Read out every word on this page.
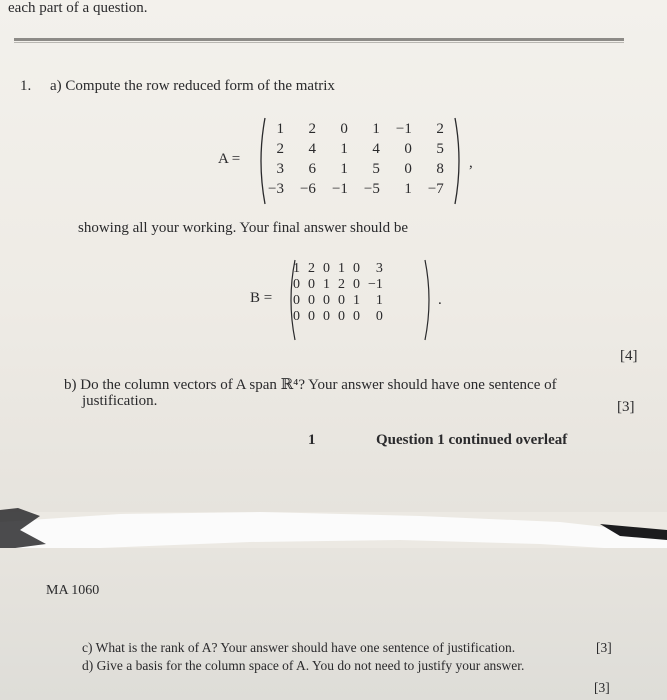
each part of a question.
1. a) Compute the row reduced form of the matrix
A =
1	2	0	1	−1	2
2	4	1	4	0	5
3	6	1	5	0	8
−3	−6	−1	−5	1	−7
,
showing all your working. Your final answer should be
B =
1	2	0	1	0	3
0	0	1	2	0	−1
0	0	0	0	1	1
0	0	0	0	0	0
.
[4]
b) Do the column vectors of A span ℝ⁴? Your answer should have one sentence of
justification.	[3]
1	Question 1 continued overleaf
MA 1060
c) What is the rank of A? Your answer should have one sentence of justification.	[3]
d) Give a basis for the column space of A. You do not need to justify your answer.
[3]
